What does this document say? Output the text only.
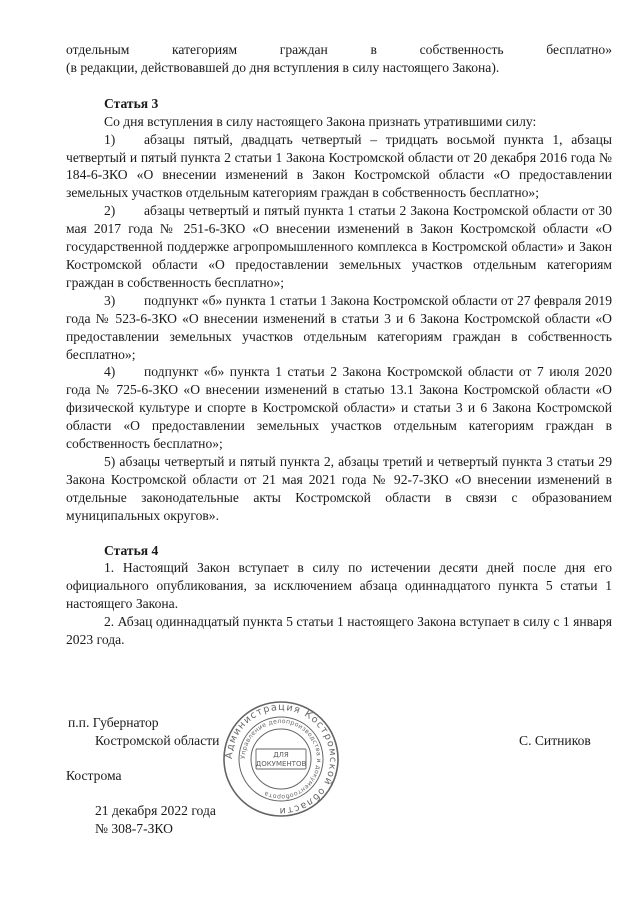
отдельным категориям граждан в собственность бесплатно»

(в редакции, действовавшей до дня вступления в силу настоящего Закона).

Статья 3

Со дня вступления в силу настоящего Закона признать утратившими силу:

1) абзацы пятый, двадцать четвертый – тридцать восьмой пункта 1, абзацы четвертый и пятый пункта 2 статьи 1 Закона Костромской области от 20 декабря 2016 года № 184-6-ЗКО «О внесении изменений в Закон Костромской области «О предоставлении земельных участков отдельным категориям граждан в собственность бесплатно»;

2) абзацы четвертый и пятый пункта 1 статьи 2 Закона Костромской области от 30 мая 2017 года № 251-6-ЗКО «О внесении изменений в Закон Костромской области «О государственной поддержке агропромышленного комплекса в Костромской области» и Закон Костромской области «О предоставлении земельных участков отдельным категориям граждан в собственность бесплатно»;

3) подпункт «б» пункта 1 статьи 1 Закона Костромской области от 27 февраля 2019 года № 523-6-ЗКО «О внесении изменений в статьи 3 и 6 Закона Костромской области «О предоставлении земельных участков отдельным категориям граждан в собственность бесплатно»;

4) подпункт «б» пункта 1 статьи 2 Закона Костромской области от 7 июля 2020 года № 725-6-ЗКО «О внесении изменений в статью 13.1 Закона Костромской области «О физической культуре и спорте в Костромской области» и статьи 3 и 6 Закона Костромской области «О предоставлении земельных участков отдельным категориям граждан в собственность бесплатно»;

5) абзацы четвертый и пятый пункта 2, абзацы третий и четвертый пункта 3 статьи 29 Закона Костромской области от 21 мая 2021 года № 92-7-ЗКО «О внесении изменений в отдельные законодательные акты Костромской области в связи с образованием муниципальных округов».

Статья 4

1. Настоящий Закон вступает в силу по истечении десяти дней после дня его официального опубликования, за исключением абзаца одиннадцатого пункта 5 статьи 1 настоящего Закона.

2. Абзац одиннадцатый пункта 5 статьи 1 настоящего Закона вступает в силу с 1 января 2023 года.

п.п. Губернатор
Костромской области	С. Ситников
Кострома
21 декабря 2022 года
№ 308-7-ЗКО
Администрация Костромской области
Управление делопроизводства и документооборота
ДЛЯ
ДОКУМЕНТОВ
